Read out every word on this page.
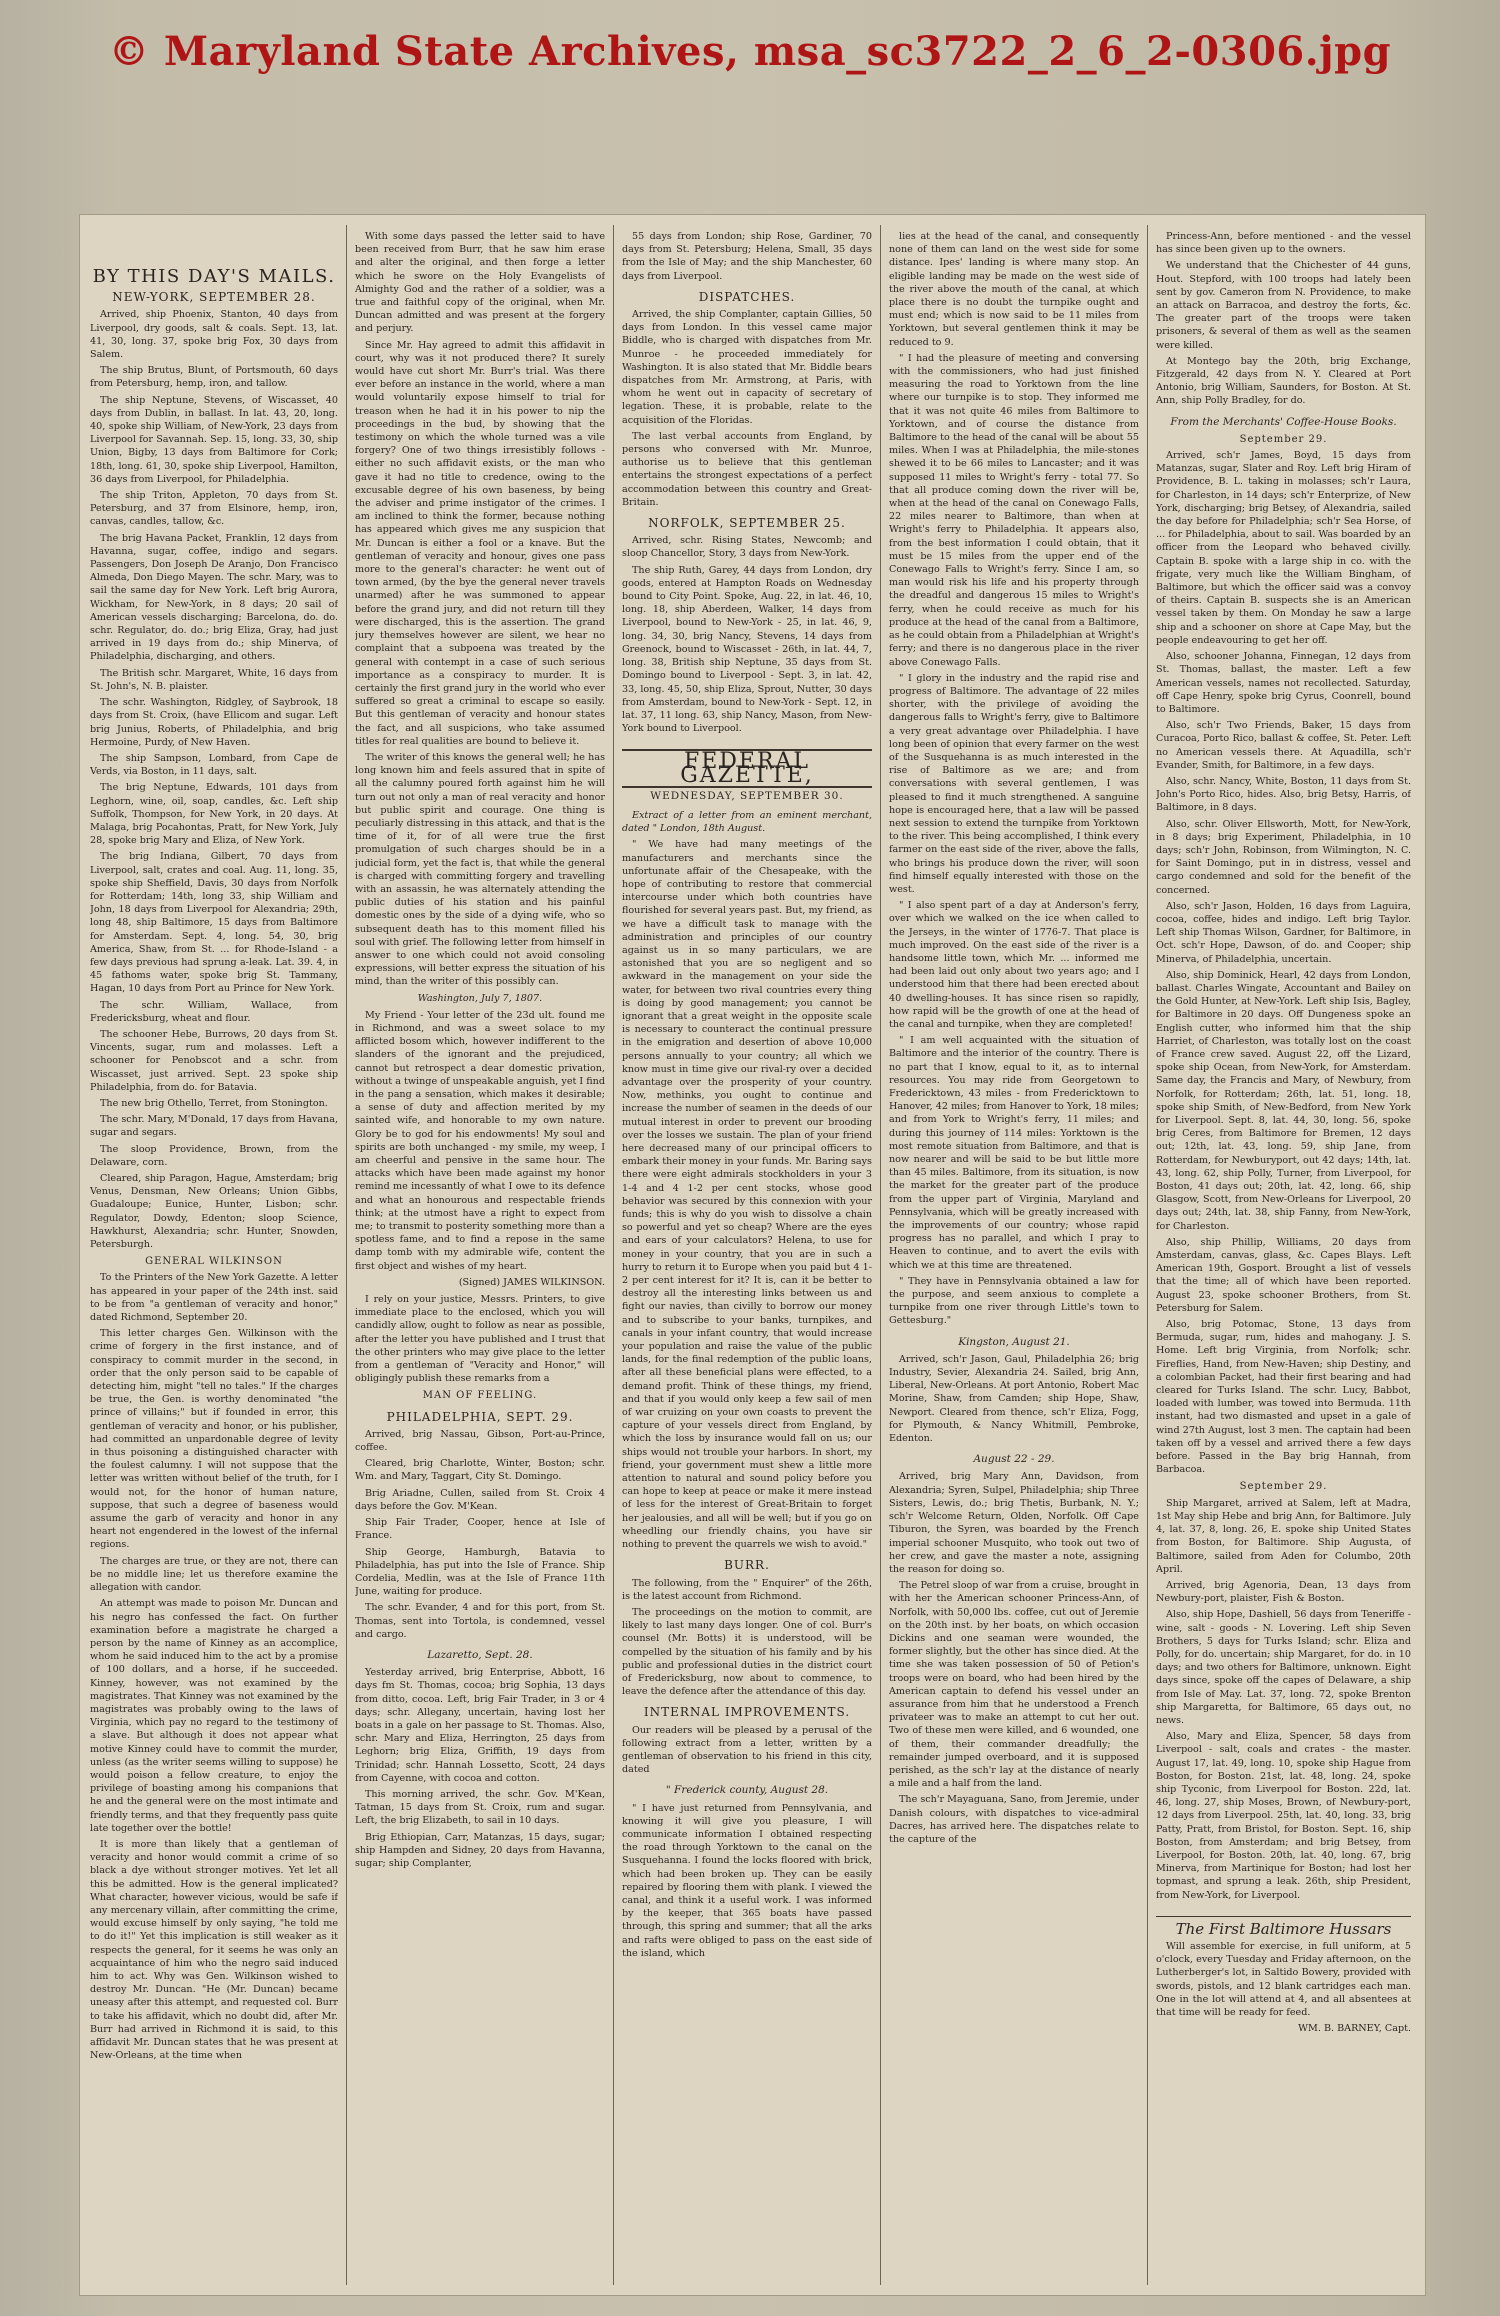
© Maryland State Archives, msa_sc3722_2_6_2-0306.jpg
BY THIS DAY'S MAILS.
NEW-YORK, SEPTEMBER 28.

Arrived, ship Phoenix, Stanton, 40 days from Liverpool, dry goods, salt & coals. Sept. 13, lat. 41, 30, long. 37, spoke brig Fox, 30 days from Salem.

The ship Brutus, Blunt, of Portsmouth, 60 days from Petersburg, hemp, iron, and tallow.

The ship Neptune, Stevens, of Wiscasset, 40 days from Dublin, in ballast. In lat. 43, 20, long. 40, spoke ship William, of New-York, 23 days from Liverpool for Savannah. Sep. 15, long. 33, 30, ship Union, Bigby, 13 days from Baltimore for Cork; 18th, long. 61, 30, spoke ship Liverpool, Hamilton, 36 days from Liverpool, for Philadelphia.

The ship Triton, Appleton, 70 days from St. Petersburg, and 37 from Elsinore, hemp, iron, canvas, candles, tallow, &c.

The brig Havana Packet, Franklin, 12 days from Havanna, sugar, coffee, indigo and segars. Passengers, Don Joseph De Aranjo, Don Francisco Almeda, Don Diego Mayen. The schr. Mary, was to sail the same day for New York. Left brig Aurora, Wickham, for New-York, in 8 days; 20 sail of American vessels discharging; Barcelona, do. do. schr. Regulator, do. do.; brig Eliza, Gray, had just arrived in 19 days from do.; ship Minerva, of Philadelphia, discharging, and others.

The British schr. Margaret, White, 16 days from St. John's, N. B. plaister.

The schr. Washington, Ridgley, of Saybrook, 18 days from St. Croix, (have Ellicom and sugar. Left brig Junius, Roberts, of Philadelphia, and brig Hermoine, Purdy, of New Haven.

The ship Sampson, Lombard, from Cape de Verds, via Boston, in 11 days, salt.

The brig Neptune, Edwards, 101 days from Leghorn, wine, oil, soap, candles, &c. Left ship Suffolk, Thompson, for New York, in 20 days. At Malaga, brig Pocahontas, Pratt, for New York, July 28, spoke brig Mary and Eliza, of New York.

The brig Indiana, Gilbert, 70 days from Liverpool, salt, crates and coal. Aug. 11, long. 35, spoke ship Sheffield, Davis, 30 days from Norfolk for Rotterdam; 14th, long 33, ship William and John, 18 days from Liverpool for Alexandria; 29th, long 48, ship Baltimore, 15 days from Baltimore for Amsterdam. Sept. 4, long. 54, 30, brig America, Shaw, from St. ... for Rhode-Island - a few days previous had sprung a-leak. Lat. 39. 4, in 45 fathoms water, spoke brig St. Tammany, Hagan, 10 days from Port au Prince for New York.

The schr. William, Wallace, from Fredericksburg, wheat and flour.

The schooner Hebe, Burrows, 20 days from St. Vincents, sugar, rum and molasses. Left a schooner for Penobscot and a schr. from Wiscasset, just arrived. Sept. 23 spoke ship Philadelphia, from do. for Batavia.

The new brig Othello, Terret, from Stonington.

The schr. Mary, M'Donald, 17 days from Havana, sugar and segars.

The sloop Providence, Brown, from the Delaware, corn.

Cleared, ship Paragon, Hague, Amsterdam; brig Venus, Densman, New Orleans; Union Gibbs, Guadaloupe; Eunice, Hunter, Lisbon; schr. Regulator, Dowdy, Edenton; sloop Science, Hawkhurst, Alexandria; schr. Hunter, Snowden, Petersburgh.

GENERAL WILKINSON

To the Printers of the New York Gazette. A letter has appeared in your paper of the 24th inst. said to be from "a gentleman of veracity and honor," dated Richmond, September 20.

This letter charges Gen. Wilkinson with the crime of forgery in the first instance, and of conspiracy to commit murder in the second, in order that the only person said to be capable of detecting him, might "tell no tales." If the charges be true, the Gen. is worthy denominated "the prince of villains;" but if founded in error, this gentleman of veracity and honor, or his publisher, had committed an unpardonable degree of levity in thus poisoning a distinguished character with the foulest calumny. I will not suppose that the letter was written without belief of the truth, for I would not, for the honor of human nature, suppose, that such a degree of baseness would assume the garb of veracity and honor in any heart not engendered in the lowest of the infernal regions.

The charges are true, or they are not, there can be no middle line; let us therefore examine the allegation with candor.

An attempt was made to poison Mr. Duncan and his negro has confessed the fact. On further examination before a magistrate he charged a person by the name of Kinney as an accomplice, whom he said induced him to the act by a promise of 100 dollars, and a horse, if he succeeded. Kinney, however, was not examined by the magistrates. That Kinney was not examined by the magistrates was probably owing to the laws of Virginia, which pay no regard to the testimony of a slave. But although it does not appear what motive Kinney could have to commit the murder, unless (as the writer seems willing to suppose) he would poison a fellow creature, to enjoy the privilege of boasting among his companions that he and the general were on the most intimate and friendly terms, and that they frequently pass quite late together over the bottle!

It is more than likely that a gentleman of veracity and honor would commit a crime of so black a dye without stronger motives. Yet let all this be admitted. How is the general implicated? What character, however vicious, would be safe if any mercenary villain, after committing the crime, would excuse himself by only saying, "he told me to do it!" Yet this implication is still weaker as it respects the general, for it seems he was only an acquaintance of him who the negro said induced him to act. Why was Gen. Wilkinson wished to destroy Mr. Duncan. "He (Mr. Duncan) became uneasy after this attempt, and requested col. Burr to take his affidavit, which no doubt did, after Mr. Burr had arrived in Richmond it is said, to this affidavit Mr. Duncan states that he was present at New-Orleans, at the time when

With some days passed the letter said to have been received from Burr, that he saw him erase and alter the original, and then forge a letter which he swore on the Holy Evangelists of Almighty God and the rather of a soldier, was a true and faithful copy of the original, when Mr. Duncan admitted and was present at the forgery and perjury.

Since Mr. Hay agreed to admit this affidavit in court, why was it not produced there? It surely would have cut short Mr. Burr's trial. Was there ever before an instance in the world, where a man would voluntarily expose himself to trial for treason when he had it in his power to nip the proceedings in the bud, by showing that the testimony on which the whole turned was a vile forgery? One of two things irresistibly follows - either no such affidavit exists, or the man who gave it had no title to credence, owing to the excusable degree of his own baseness, by being the adviser and prime instigator of the crimes. I am inclined to think the former, because nothing has appeared which gives me any suspicion that Mr. Duncan is either a fool or a knave. But the gentleman of veracity and honour, gives one pass more to the general's character: he went out of town armed, (by the bye the general never travels unarmed) after he was summoned to appear before the grand jury, and did not return till they were discharged, this is the assertion. The grand jury themselves however are silent, we hear no complaint that a subpoena was treated by the general with contempt in a case of such serious importance as a conspiracy to murder. It is certainly the first grand jury in the world who ever suffered so great a criminal to escape so easily. But this gentleman of veracity and honour states the fact, and all suspicions, who take assumed titles for real qualities are bound to believe it.

The writer of this knows the general well; he has long known him and feels assured that in spite of all the calumny poured forth against him he will turn out not only a man of real veracity and honor but public spirit and courage. One thing is peculiarly distressing in this attack, and that is the time of it, for of all were true the first promulgation of such charges should be in a judicial form, yet the fact is, that while the general is charged with committing forgery and travelling with an assassin, he was alternately attending the public duties of his station and his painful domestic ones by the side of a dying wife, who so subsequent death has to this moment filled his soul with grief. The following letter from himself in answer to one which could not avoid consoling expressions, will better express the situation of his mind, than the writer of this possibly can.

Washington, July 7, 1807.

My Friend - Your letter of the 23d ult. found me in Richmond, and was a sweet solace to my afflicted bosom which, however indifferent to the slanders of the ignorant and the prejudiced, cannot but retrospect a dear domestic privation, without a twinge of unspeakable anguish, yet I find in the pang a sensation, which makes it desirable; a sense of duty and affection merited by my sainted wife, and honorable to my own nature. Glory be to god for his endowments! My soul and spirits are both unchanged - my smile, my weep, I am cheerful and pensive in the same hour. The attacks which have been made against my honor remind me incessantly of what I owe to its defence and what an honourous and respectable friends think; at the utmost have a right to expect from me; to transmit to posterity something more than a spotless fame, and to find a repose in the same damp tomb with my admirable wife, content the first object and wishes of my heart.

(Signed) JAMES WILKINSON.

I rely on your justice, Messrs. Printers, to give immediate place to the enclosed, which you will candidly allow, ought to follow as near as possible, after the letter you have published and I trust that the other printers who may give place to the letter from a gentleman of "Veracity and Honor," will obligingly publish these remarks from a

MAN OF FEELING.
PHILADELPHIA, SEPT. 29.

Arrived, brig Nassau, Gibson, Port-au-Prince, coffee.

Cleared, brig Charlotte, Winter, Boston; schr. Wm. and Mary, Taggart, City St. Domingo.

Brig Ariadne, Cullen, sailed from St. Croix 4 days before the Gov. M'Kean.

Ship Fair Trader, Cooper, hence at Isle of France.

Ship George, Hamburgh, Batavia to Philadelphia, has put into the Isle of France. Ship Cordelia, Medlin, was at the Isle of France 11th June, waiting for produce.

The schr. Evander, 4 and for this port, from St. Thomas, sent into Tortola, is condemned, vessel and cargo.

Lazaretto, Sept. 28.

Yesterday arrived, brig Enterprise, Abbott, 16 days fm St. Thomas, cocoa; brig Sophia, 13 days from ditto, cocoa. Left, brig Fair Trader, in 3 or 4 days; schr. Allegany, uncertain, having lost her boats in a gale on her passage to St. Thomas. Also, schr. Mary and Eliza, Herrington, 25 days from Leghorn; brig Eliza, Griffith, 19 days from Trinidad; schr. Hannah Lossetto, Scott, 24 days from Cayenne, with cocoa and cotton.

This morning arrived, the schr. Gov. M'Kean, Tatman, 15 days from St. Croix, rum and sugar. Left, the brig Elizabeth, to sail in 10 days.

Brig Ethiopian, Carr, Matanzas, 15 days, sugar; ship Hampden and Sidney, 20 days from Havanna, sugar; ship Complanter,

55 days from London; ship Rose, Gardiner, 70 days from St. Petersburg; Helena, Small, 35 days from the Isle of May; and the ship Manchester, 60 days from Liverpool.

DISPATCHES.

Arrived, the ship Complanter, captain Gillies, 50 days from London. In this vessel came major Biddle, who is charged with dispatches from Mr. Munroe - he proceeded immediately for Washington. It is also stated that Mr. Biddle bears dispatches from Mr. Armstrong, at Paris, with whom he went out in capacity of secretary of legation. These, it is probable, relate to the acquisition of the Floridas.

The last verbal accounts from England, by persons who conversed with Mr. Munroe, authorise us to believe that this gentleman entertains the strongest expectations of a perfect accommodation between this country and Great-Britain.

NORFOLK, SEPTEMBER 25.

Arrived, schr. Rising States, Newcomb; and sloop Chancellor, Story, 3 days from New-York.

The ship Ruth, Garey, 44 days from London, dry goods, entered at Hampton Roads on Wednesday bound to City Point. Spoke, Aug. 22, in lat. 46, 10, long. 18, ship Aberdeen, Walker, 14 days from Liverpool, bound to New-York - 25, in lat. 46, 9, long. 34, 30, brig Nancy, Stevens, 14 days from Greenock, bound to Wiscasset - 26th, in lat. 44, 7, long. 38, British ship Neptune, 35 days from St. Domingo bound to Liverpool - Sept. 3, in lat. 42, 33, long. 45, 50, ship Eliza, Sprout, Nutter, 30 days from Amsterdam, bound to New-York - Sept. 12, in lat. 37, 11 long. 63, ship Nancy, Mason, from New-York bound to Liverpool.

FEDERAL GAZETTE,
WEDNESDAY, SEPTEMBER 30.

Extract of a letter from an eminent merchant, dated " London, 18th August.

" We have had many meetings of the manufacturers and merchants since the unfortunate affair of the Chesapeake, with the hope of contributing to restore that commercial intercourse under which both countries have flourished for several years past. But, my friend, as we have a difficult task to manage with the administration and principles of our country against us in so many particulars, we are astonished that you are so negligent and so awkward in the management on your side the water, for between two rival countries every thing is doing by good management; you cannot be ignorant that a great weight in the opposite scale is necessary to counteract the continual pressure in the emigration and desertion of above 10,000 persons annually to your country; all which we know must in time give our rival-ry over a decided advantage over the prosperity of your country. Now, methinks, you ought to continue and increase the number of seamen in the deeds of our mutual interest in order to prevent our brooding over the losses we sustain. The plan of your friend here decreased many of our principal officers to embark their money in your funds. Mr. Baring says there were eight admirals stockholders in your 3 1-4 and 4 1-2 per cent stocks, whose good behavior was secured by this connexion with your funds; this is why do you wish to dissolve a chain so powerful and yet so cheap? Where are the eyes and ears of your calculators? Helena, to use for money in your country, that you are in such a hurry to return it to Europe when you paid but 4 1-2 per cent interest for it? It is, can it be better to destroy all the interesting links between us and fight our navies, than civilly to borrow our money and to subscribe to your banks, turnpikes, and canals in your infant country, that would increase your population and raise the value of the public lands, for the final redemption of the public loans, after all these beneficial plans were effected, to a demand profit. Think of these things, my friend, and that if you would only keep a few sail of men of war cruizing on your own coasts to prevent the capture of your vessels direct from England, by which the loss by insurance would fall on us; our ships would not trouble your harbors. In short, my friend, your government must shew a little more attention to natural and sound policy before you can hope to keep at peace or make it mere instead of less for the interest of Great-Britain to forget her jealousies, and all will be well; but if you go on wheedling our friendly chains, you have sir nothing to prevent the quarrels we wish to avoid."

BURR.

The following, from the " Enquirer" of the 26th, is the latest account from Richmond.

The proceedings on the motion to commit, are likely to last many days longer. One of col. Burr's counsel (Mr. Botts) it is understood, will be compelled by the situation of his family and by his public and professional duties in the district court of Fredericksburg, now about to commence, to leave the defence after the attendance of this day.

INTERNAL IMPROVEMENTS.

Our readers will be pleased by a perusal of the following extract from a letter, written by a gentleman of observation to his friend in this city, dated

" Frederick county, August 28.

" I have just returned from Pennsylvania, and knowing it will give you pleasure, I will communicate information I obtained respecting the road through Yorktown to the canal on the Susquehanna. I found the locks floored with brick, which had been broken up. They can be easily repaired by flooring them with plank. I viewed the canal, and think it a useful work. I was informed by the keeper, that 365 boats have passed through, this spring and summer; that all the arks and rafts were obliged to pass on the east side of the island, which

lies at the head of the canal, and consequently none of them can land on the west side for some distance. Ipes' landing is where many stop. An eligible landing may be made on the west side of the river above the mouth of the canal, at which place there is no doubt the turnpike ought and must end; which is now said to be 11 miles from Yorktown, but several gentlemen think it may be reduced to 9.

" I had the pleasure of meeting and conversing with the commissioners, who had just finished measuring the road to Yorktown from the line where our turnpike is to stop. They informed me that it was not quite 46 miles from Baltimore to Yorktown, and of course the distance from Baltimore to the head of the canal will be about 55 miles. When I was at Philadelphia, the mile-stones shewed it to be 66 miles to Lancaster; and it was supposed 11 miles to Wright's ferry - total 77. So that all produce coming down the river will be, when at the head of the canal on Conewago Falls, 22 miles nearer to Baltimore, than when at Wright's ferry to Philadelphia. It appears also, from the best information I could obtain, that it must be 15 miles from the upper end of the Conewago Falls to Wright's ferry. Since I am, so man would risk his life and his property through the dreadful and dangerous 15 miles to Wright's ferry, when he could receive as much for his produce at the head of the canal from a Baltimore, as he could obtain from a Philadelphian at Wright's ferry; and there is no dangerous place in the river above Conewago Falls.

" I glory in the industry and the rapid rise and progress of Baltimore. The advantage of 22 miles shorter, with the privilege of avoiding the dangerous falls to Wright's ferry, give to Baltimore a very great advantage over Philadelphia. I have long been of opinion that every farmer on the west of the Susquehanna is as much interested in the rise of Baltimore as we are; and from conversations with several gentlemen, I was pleased to find it much strengthened. A sanguine hope is encouraged here, that a law will be passed next session to extend the turnpike from Yorktown to the river. This being accomplished, I think every farmer on the east side of the river, above the falls, who brings his produce down the river, will soon find himself equally interested with those on the west.

" I also spent part of a day at Anderson's ferry, over which we walked on the ice when called to the Jerseys, in the winter of 1776-7. That place is much improved. On the east side of the river is a handsome little town, which Mr. ... informed me had been laid out only about two years ago; and I understood him that there had been erected about 40 dwelling-houses. It has since risen so rapidly, how rapid will be the growth of one at the head of the canal and turnpike, when they are completed!

" I am well acquainted with the situation of Baltimore and the interior of the country. There is no part that I know, equal to it, as to internal resources. You may ride from Georgetown to Fredericktown, 43 miles - from Fredericktown to Hanover, 42 miles; from Hanover to York, 18 miles; and from York to Wright's ferry, 11 miles; and during this journey of 114 miles: Yorktown is the most remote situation from Baltimore, and that is now nearer and will be said to be but little more than 45 miles. Baltimore, from its situation, is now the market for the greater part of the produce from the upper part of Virginia, Maryland and Pennsylvania, which will be greatly increased with the improvements of our country; whose rapid progress has no parallel, and which I pray to Heaven to continue, and to avert the evils with which we at this time are threatened.

" They have in Pennsylvania obtained a law for the purpose, and seem anxious to complete a turnpike from one river through Little's town to Gettesburg."

Kingston, August 21.

Arrived, sch'r Jason, Gaul, Philadelphia 26; brig Industry, Sevier, Alexandria 24. Sailed, brig Ann, Liberal, New-Orleans. At port Antonio, Robert Mac Morine, Shaw, from Camden; ship Hope, Shaw, Newport. Cleared from thence, sch'r Eliza, Fogg, for Plymouth, & Nancy Whitmill, Pembroke, Edenton.

August 22 - 29.

Arrived, brig Mary Ann, Davidson, from Alexandria; Syren, Sulpel, Philadelphia; ship Three Sisters, Lewis, do.; brig Thetis, Burbank, N. Y.; sch'r Welcome Return, Olden, Norfolk. Off Cape Tiburon, the Syren, was boarded by the French imperial schooner Musquito, who took out two of her crew, and gave the master a note, assigning the reason for doing so.

The Petrel sloop of war from a cruise, brought in with her the American schooner Princess-Ann, of Norfolk, with 50,000 lbs. coffee, cut out of Jeremie on the 20th inst. by her boats, on which occasion Dickins and one seaman were wounded, the former slightly, but the other has since died. At the time she was taken possession of 50 of Petion's troops were on board, who had been hired by the American captain to defend his vessel under an assurance from him that he understood a French privateer was to make an attempt to cut her out. Two of these men were killed, and 6 wounded, one of them, their commander dreadfully; the remainder jumped overboard, and it is supposed perished, as the sch'r lay at the distance of nearly a mile and a half from the land.

The sch'r Mayaguana, Sano, from Jeremie, under Danish colours, with dispatches to vice-admiral Dacres, has arrived here. The dispatches relate to the capture of the

Princess-Ann, before mentioned - and the vessel has since been given up to the owners.

We understand that the Chichester of 44 guns, Hout. Stepford, with 100 troops had lately been sent by gov. Cameron from N. Providence, to make an attack on Barracoa, and destroy the forts, &c. The greater part of the troops were taken prisoners, & several of them as well as the seamen were killed.

At Montego bay the 20th, brig Exchange, Fitzgerald, 42 days from N. Y. Cleared at Port Antonio, brig William, Saunders, for Boston. At St. Ann, ship Polly Bradley, for do.

From the Merchants' Coffee-House Books.
September 29.

Arrived, sch'r James, Boyd, 15 days from Matanzas, sugar, Slater and Roy. Left brig Hiram of Providence, B. L. taking in molasses; sch'r Laura, for Charleston, in 14 days; sch'r Enterprize, of New York, discharging; brig Betsey, of Alexandria, sailed the day before for Philadelphia; sch'r Sea Horse, of ... for Philadelphia, about to sail. Was boarded by an officer from the Leopard who behaved civilly. Captain B. spoke with a large ship in co. with the frigate, very much like the William Bingham, of Baltimore, but which the officer said was a convoy of theirs. Captain B. suspects she is an American vessel taken by them. On Monday he saw a large ship and a schooner on shore at Cape May, but the people endeavouring to get her off.

Also, schooner Johanna, Finnegan, 12 days from St. Thomas, ballast, the master. Left a few American vessels, names not recollected. Saturday, off Cape Henry, spoke brig Cyrus, Coonrell, bound to Baltimore.

Also, sch'r Two Friends, Baker, 15 days from Curacoa, Porto Rico, ballast & coffee, St. Peter. Left no American vessels there. At Aquadilla, sch'r Evander, Smith, for Baltimore, in a few days.

Also, schr. Nancy, White, Boston, 11 days from St. John's Porto Rico, hides. Also, brig Betsy, Harris, of Baltimore, in 8 days.

Also, schr. Oliver Ellsworth, Mott, for New-York, in 8 days; brig Experiment, Philadelphia, in 10 days; sch'r John, Robinson, from Wilmington, N. C. for Saint Domingo, put in in distress, vessel and cargo condemned and sold for the benefit of the concerned.

Also, sch'r Jason, Holden, 16 days from Laguira, cocoa, coffee, hides and indigo. Left brig Taylor. Left ship Thomas Wilson, Gardner, for Baltimore, in Oct. sch'r Hope, Dawson, of do. and Cooper; ship Minerva, of Philadelphia, uncertain.

Also, ship Dominick, Hearl, 42 days from London, ballast. Charles Wingate, Accountant and Bailey on the Gold Hunter, at New-York. Left ship Isis, Bagley, for Baltimore in 20 days. Off Dungeness spoke an English cutter, who informed him that the ship Harriet, of Charleston, was totally lost on the coast of France crew saved. August 22, off the Lizard, spoke ship Ocean, from New-York, for Amsterdam. Same day, the Francis and Mary, of Newbury, from Norfolk, for Rotterdam; 26th, lat. 51, long. 18, spoke ship Smith, of New-Bedford, from New York for Liverpool. Sept. 8, lat. 44, 30, long. 56, spoke brig Ceres, from Baltimore for Bremen, 12 days out; 12th, lat. 43, long. 59, ship Jane, from Rotterdam, for Newburyport, out 42 days; 14th, lat. 43, long. 62, ship Polly, Turner, from Liverpool, for Boston, 41 days out; 20th, lat. 42, long. 66, ship Glasgow, Scott, from New-Orleans for Liverpool, 20 days out; 24th, lat. 38, ship Fanny, from New-York, for Charleston.

Also, ship Phillip, Williams, 20 days from Amsterdam, canvas, glass, &c. Capes Blays. Left American 19th, Gosport. Brought a list of vessels that the time; all of which have been reported. August 23, spoke schooner Brothers, from St. Petersburg for Salem.

Also, brig Potomac, Stone, 13 days from Bermuda, sugar, rum, hides and mahogany. J. S. Home. Left brig Virginia, from Norfolk; schr. Fireflies, Hand, from New-Haven; ship Destiny, and a colombian Packet, had their first bearing and had cleared for Turks Island. The schr. Lucy, Babbot, loaded with lumber, was towed into Bermuda. 11th instant, had two dismasted and upset in a gale of wind 27th August, lost 3 men. The captain had been taken off by a vessel and arrived there a few days before. Passed in the Bay brig Hannah, from Barbacoa.

September 29.

Ship Margaret, arrived at Salem, left at Madra, 1st May ship Hebe and brig Ann, for Baltimore. July 4, lat. 37, 8, long. 26, E. spoke ship United States from Boston, for Baltimore. Ship Augusta, of Baltimore, sailed from Aden for Columbo, 20th April.

Arrived, brig Agenoria, Dean, 13 days from Newbury-port, plaister, Fish & Boston.

Also, ship Hope, Dashiell, 56 days from Teneriffe - wine, salt - goods - N. Lovering. Left ship Seven Brothers, 5 days for Turks Island; schr. Eliza and Polly, for do. uncertain; ship Margaret, for do. in 10 days; and two others for Baltimore, unknown. Eight days since, spoke off the capes of Delaware, a ship from Isle of May. Lat. 37, long. 72, spoke Brenton ship Margaretta, for Baltimore, 65 days out, no news.

Also, Mary and Eliza, Spencer, 58 days from Liverpool - salt, coals and crates - the master. August 17, lat. 49, long. 10, spoke ship Hague from Boston, for Boston. 21st, lat. 48, long. 24, spoke ship Tyconic, from Liverpool for Boston. 22d, lat. 46, long. 27, ship Moses, Brown, of Newbury-port, 12 days from Liverpool. 25th, lat. 40, long. 33, brig Patty, Pratt, from Bristol, for Boston. Sept. 16, ship Boston, from Amsterdam; and brig Betsey, from Liverpool, for Boston. 20th, lat. 40, long. 67, brig Minerva, from Martinique for Boston; had lost her topmast, and sprung a leak. 26th, ship President, from New-York, for Liverpool.

The First Baltimore Hussars

Will assemble for exercise, in full uniform, at 5 o'clock, every Tuesday and Friday afternoon, on the Lutherberger's lot, in Saltido Bowery, provided with swords, pistols, and 12 blank cartridges each man. One in the lot will attend at 4, and all absentees at that time will be ready for feed.

WM. B. BARNEY, Capt.
